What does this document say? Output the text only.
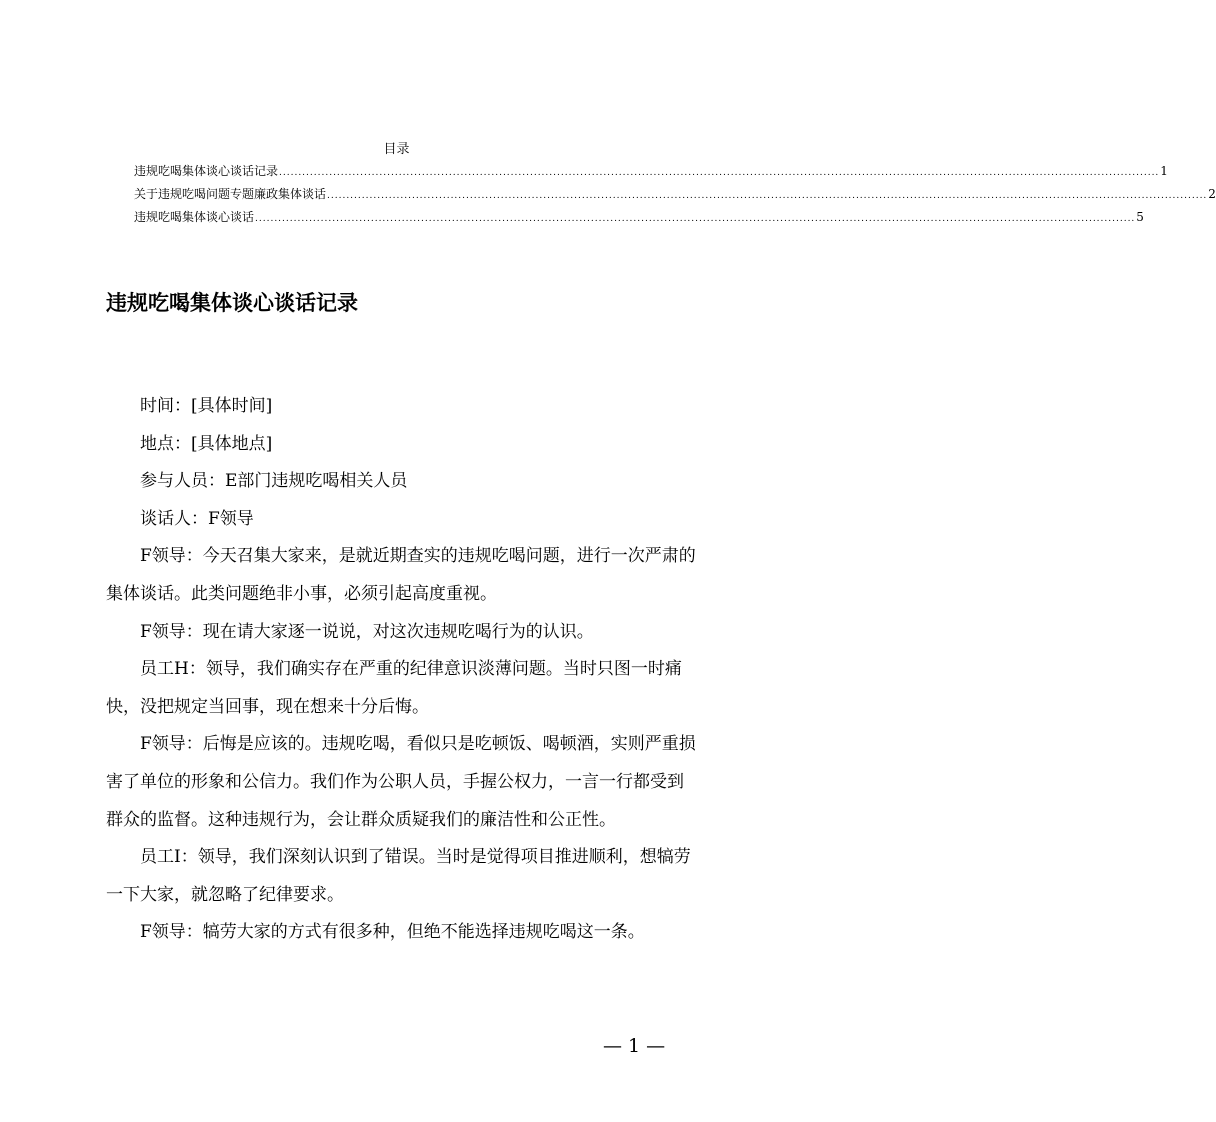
目录
违规吃喝集体谈心谈话记录 .................................................................................................................................................................................................................................... 1
关于违规吃喝问题专题廉政集体谈话 .................................................................................................................................................................................................................................... 2
违规吃喝集体谈心谈话 .................................................................................................................................................................................................................................... 5
违规吃喝集体谈心谈话记录

时间：[具体时间]

地点：[具体地点]

参与人员：E部门违规吃喝相关人员

谈话人：F领导

F领导：今天召集大家来，是就近期查实的违规吃喝问题，进行一次严肃的集体谈话。此类问题绝非小事，必须引起高度重视。

F领导：现在请大家逐一说说，对这次违规吃喝行为的认识。

员工H：领导，我们确实存在严重的纪律意识淡薄问题。当时只图一时痛快，没把规定当回事，现在想来十分后悔。

F领导：后悔是应该的。违规吃喝，看似只是吃顿饭、喝顿酒，实则严重损害了单位的形象和公信力。我们作为公职人员，手握公权力，一言一行都受到群众的监督。这种违规行为，会让群众质疑我们的廉洁性和公正性。

员工I：领导，我们深刻认识到了错误。当时是觉得项目推进顺利，想犒劳一下大家，就忽略了纪律要求。

F领导：犒劳大家的方式有很多种，但绝不能选择违规吃喝这一条。

— 1 —
